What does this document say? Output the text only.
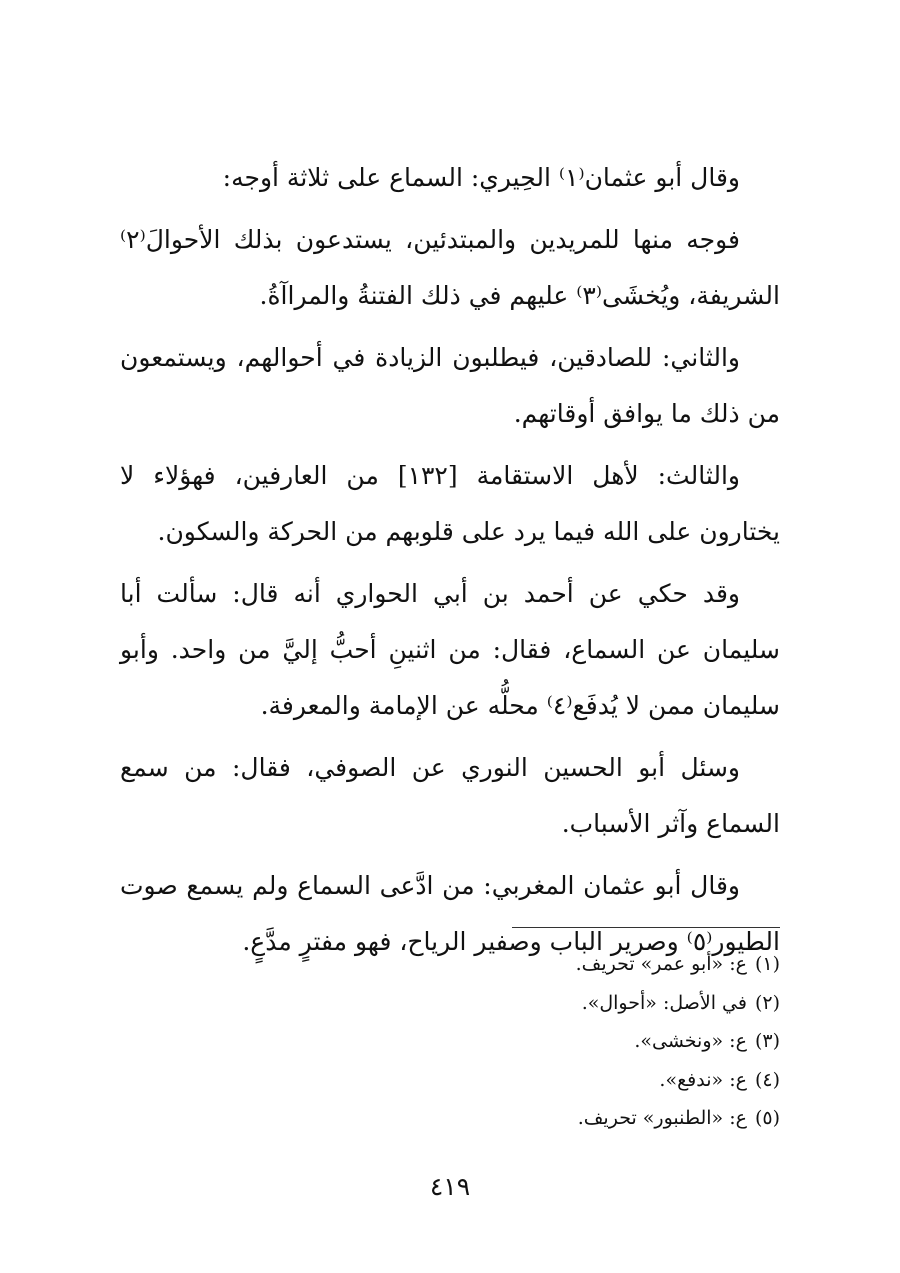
وقال أبو عثمان⁽١⁾ الحِيري: السماع على ثلاثة أوجه:

فوجه منها للمريدين والمبتدئين، يستدعون بذلك الأحوالَ⁽٢⁾ الشريفة، ويُخشَى⁽٣⁾ عليهم في ذلك الفتنةُ والمراآةُ.

والثاني: للصادقين، فيطلبون الزيادة في أحوالهم، ويستمعون من ذلك ما يوافق أوقاتهم.

والثالث: لأهل الاستقامة [١٣٢] من العارفين، فهؤلاء لا يختارون على الله فيما يرد على قلوبهم من الحركة والسكون.

وقد حكي عن أحمد بن أبي الحواري أنه قال: سألت أبا سليمان عن السماع، فقال: من اثنينِ أحبُّ إليَّ من واحد. وأبو سليمان ممن لا يُدفَع⁽٤⁾ محلُّه عن الإمامة والمعرفة.

وسئل أبو الحسين النوري عن الصوفي، فقال: من سمع السماع وآثر الأسباب.

وقال أبو عثمان المغربي: من ادَّعى السماع ولم يسمع صوت الطيور⁽٥⁾ وصرير الباب وصفير الرياح، فهو مفترٍ مدَّعٍ.

(١)ع: «أبو عمر» تحريف.
(٢)في الأصل: «أحوال».
(٣)ع: «ونخشى».
(٤)ع: «ندفع».
(٥)ع: «الطنبور» تحريف.
٤١٩
